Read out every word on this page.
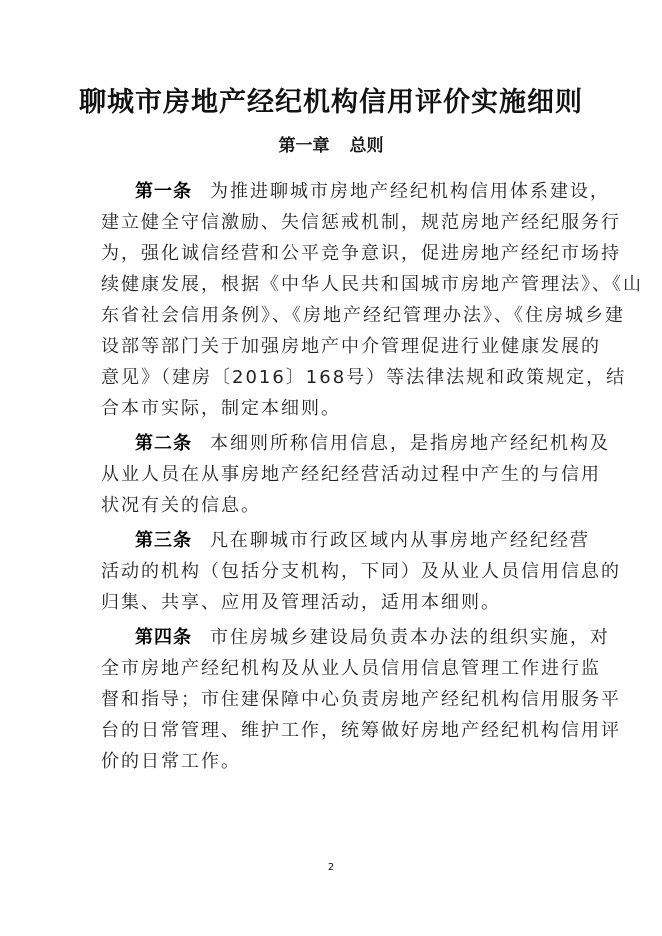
聊城市房地产经纪机构信用评价实施细则
第一章 总则
第一条 为推进聊城市房地产经纪机构信用体系建设，
建立健全守信激励、失信惩戒机制，规范房地产经纪服务行
为，强化诚信经营和公平竞争意识，促进房地产经纪市场持
续健康发展，根据《中华人民共和国城市房地产管理法》、《山
东省社会信用条例》、《房地产经纪管理办法》、《住房城乡建
设部等部门关于加强房地产中介管理促进行业健康发展的
意见》（建房〔2016〕168号）等法律法规和政策规定，结
合本市实际，制定本细则。
第二条 本细则所称信用信息，是指房地产经纪机构及
从业人员在从事房地产经纪经营活动过程中产生的与信用
状况有关的信息。
第三条 凡在聊城市行政区域内从事房地产经纪经营
活动的机构（包括分支机构，下同）及从业人员信用信息的
归集、共享、应用及管理活动，适用本细则。
第四条 市住房城乡建设局负责本办法的组织实施，对
全市房地产经纪机构及从业人员信用信息管理工作进行监
督和指导；市住建保障中心负责房地产经纪机构信用服务平
台的日常管理、维护工作，统筹做好房地产经纪机构信用评
价的日常工作。
2
